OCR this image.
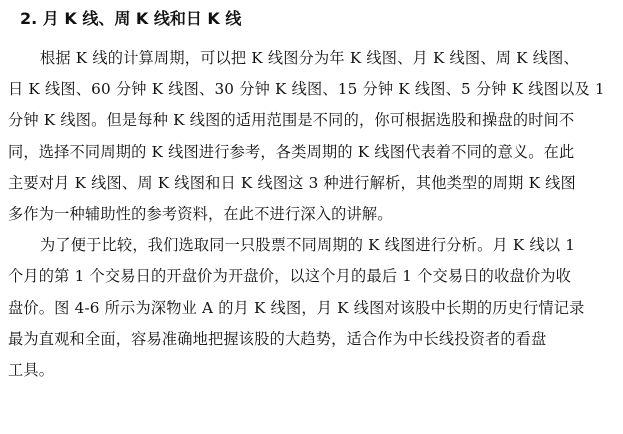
2. 月 K 线、周 K 线和日 K 线
根据 K 线的计算周期，可以把 K 线图分为年 K 线图、月 K 线图、周 K 线图、
日 K 线图、60 分钟 K 线图、30 分钟 K 线图、15 分钟 K 线图、5 分钟 K 线图以及 1
分钟 K 线图。但是每种 K 线图的适用范围是不同的，你可根据选股和操盘的时间不
同，选择不同周期的 K 线图进行参考，各类周期的 K 线图代表着不同的意义。在此
主要对月 K 线图、周 K 线图和日 K 线图这 3 种进行解析，其他类型的周期 K 线图
多作为一种辅助性的参考资料，在此不进行深入的讲解。
为了便于比较，我们选取同一只股票不同周期的 K 线图进行分析。月 K 线以 1
个月的第 1 个交易日的开盘价为开盘价，以这个月的最后 1 个交易日的收盘价为收
盘价。图 4-6 所示为深物业 A 的月 K 线图，月 K 线图对该股中长期的历史行情记录
最为直观和全面，容易准确地把握该股的大趋势，适合作为中长线投资者的看盘
工具。
